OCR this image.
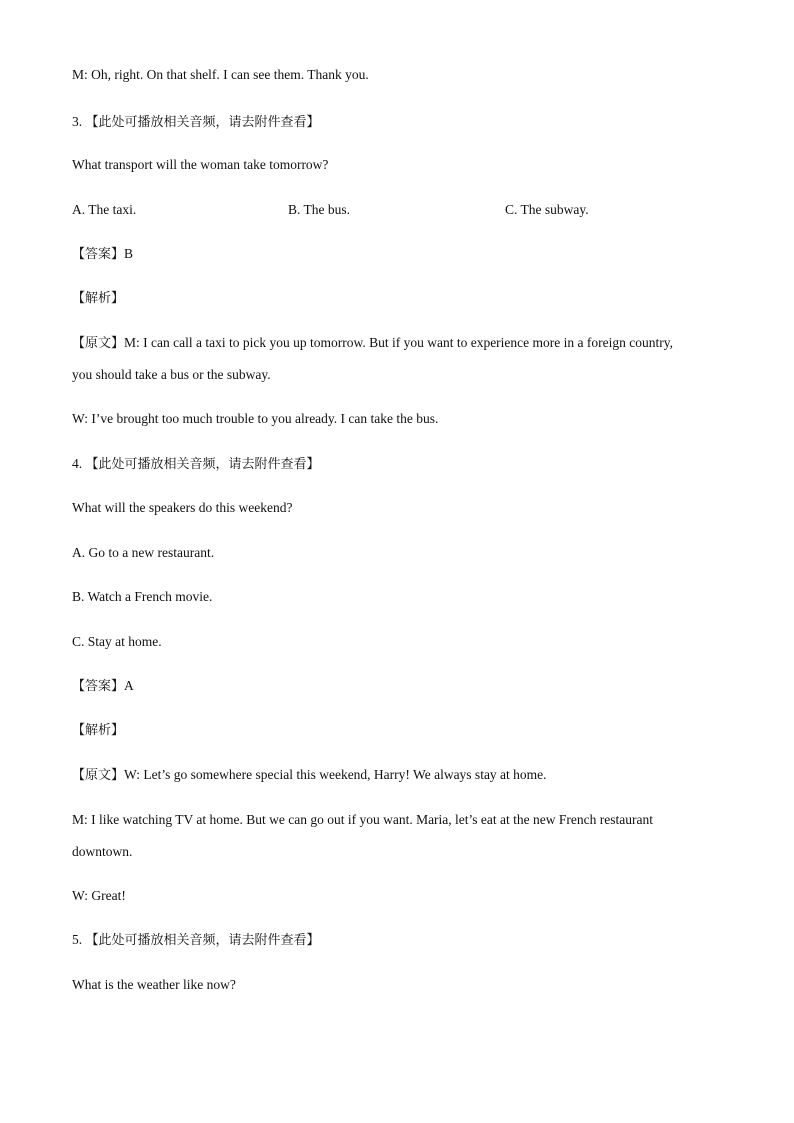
M: Oh, right. On that shelf. I can see them. Thank you.
3. 【此处可播放相关音频，请去附件查看】
What transport will the woman take tomorrow?
A. The taxi.	B. The bus.	C. The subway.
【答案】B
【解析】
【原文】M: I can call a taxi to pick you up tomorrow. But if you want to experience more in a foreign country,
you should take a bus or the subway.
W: I’ve brought too much trouble to you already. I can take the bus.
4. 【此处可播放相关音频，请去附件查看】
What will the speakers do this weekend?
A. Go to a new restaurant.
B. Watch a French movie.
C. Stay at home.
【答案】A
【解析】
【原文】W: Let’s go somewhere special this weekend, Harry! We always stay at home.
M: I like watching TV at home. But we can go out if you want. Maria, let’s eat at the new French restaurant
downtown.
W: Great!
5. 【此处可播放相关音频，请去附件查看】
What is the weather like now?
